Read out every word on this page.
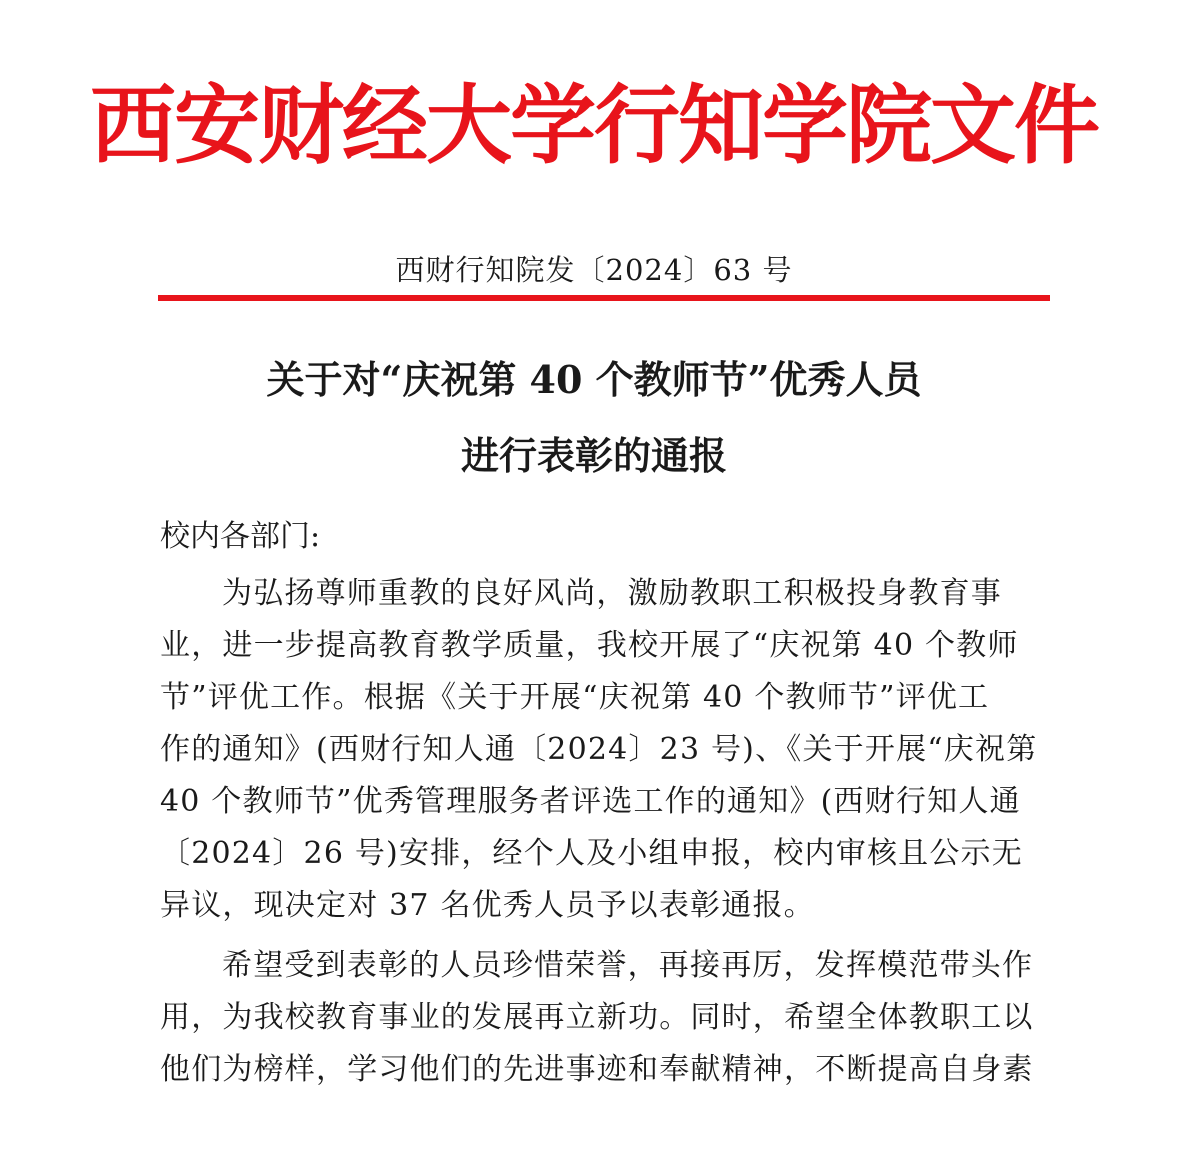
西安财经大学行知学院文件
西财行知院发〔2024〕63 号
关于对“庆祝第 40 个教师节”优秀人员
进行表彰的通报
校内各部门:
为弘扬尊师重教的良好风尚，激励教职工积极投身教育事
业，进一步提高教育教学质量，我校开展了“庆祝第 40 个教师
节”评优工作。根据《关于开展“庆祝第 40 个教师节”评优工
作的通知》(西财行知人通〔2024〕23 号)、《关于开展“庆祝第
40 个教师节”优秀管理服务者评选工作的通知》(西财行知人通
〔2024〕26 号)安排，经个人及小组申报，校内审核且公示无
异议，现决定对 37 名优秀人员予以表彰通报。
希望受到表彰的人员珍惜荣誉，再接再厉，发挥模范带头作
用，为我校教育事业的发展再立新功。同时，希望全体教职工以
他们为榜样，学习他们的先进事迹和奉献精神，不断提高自身素
